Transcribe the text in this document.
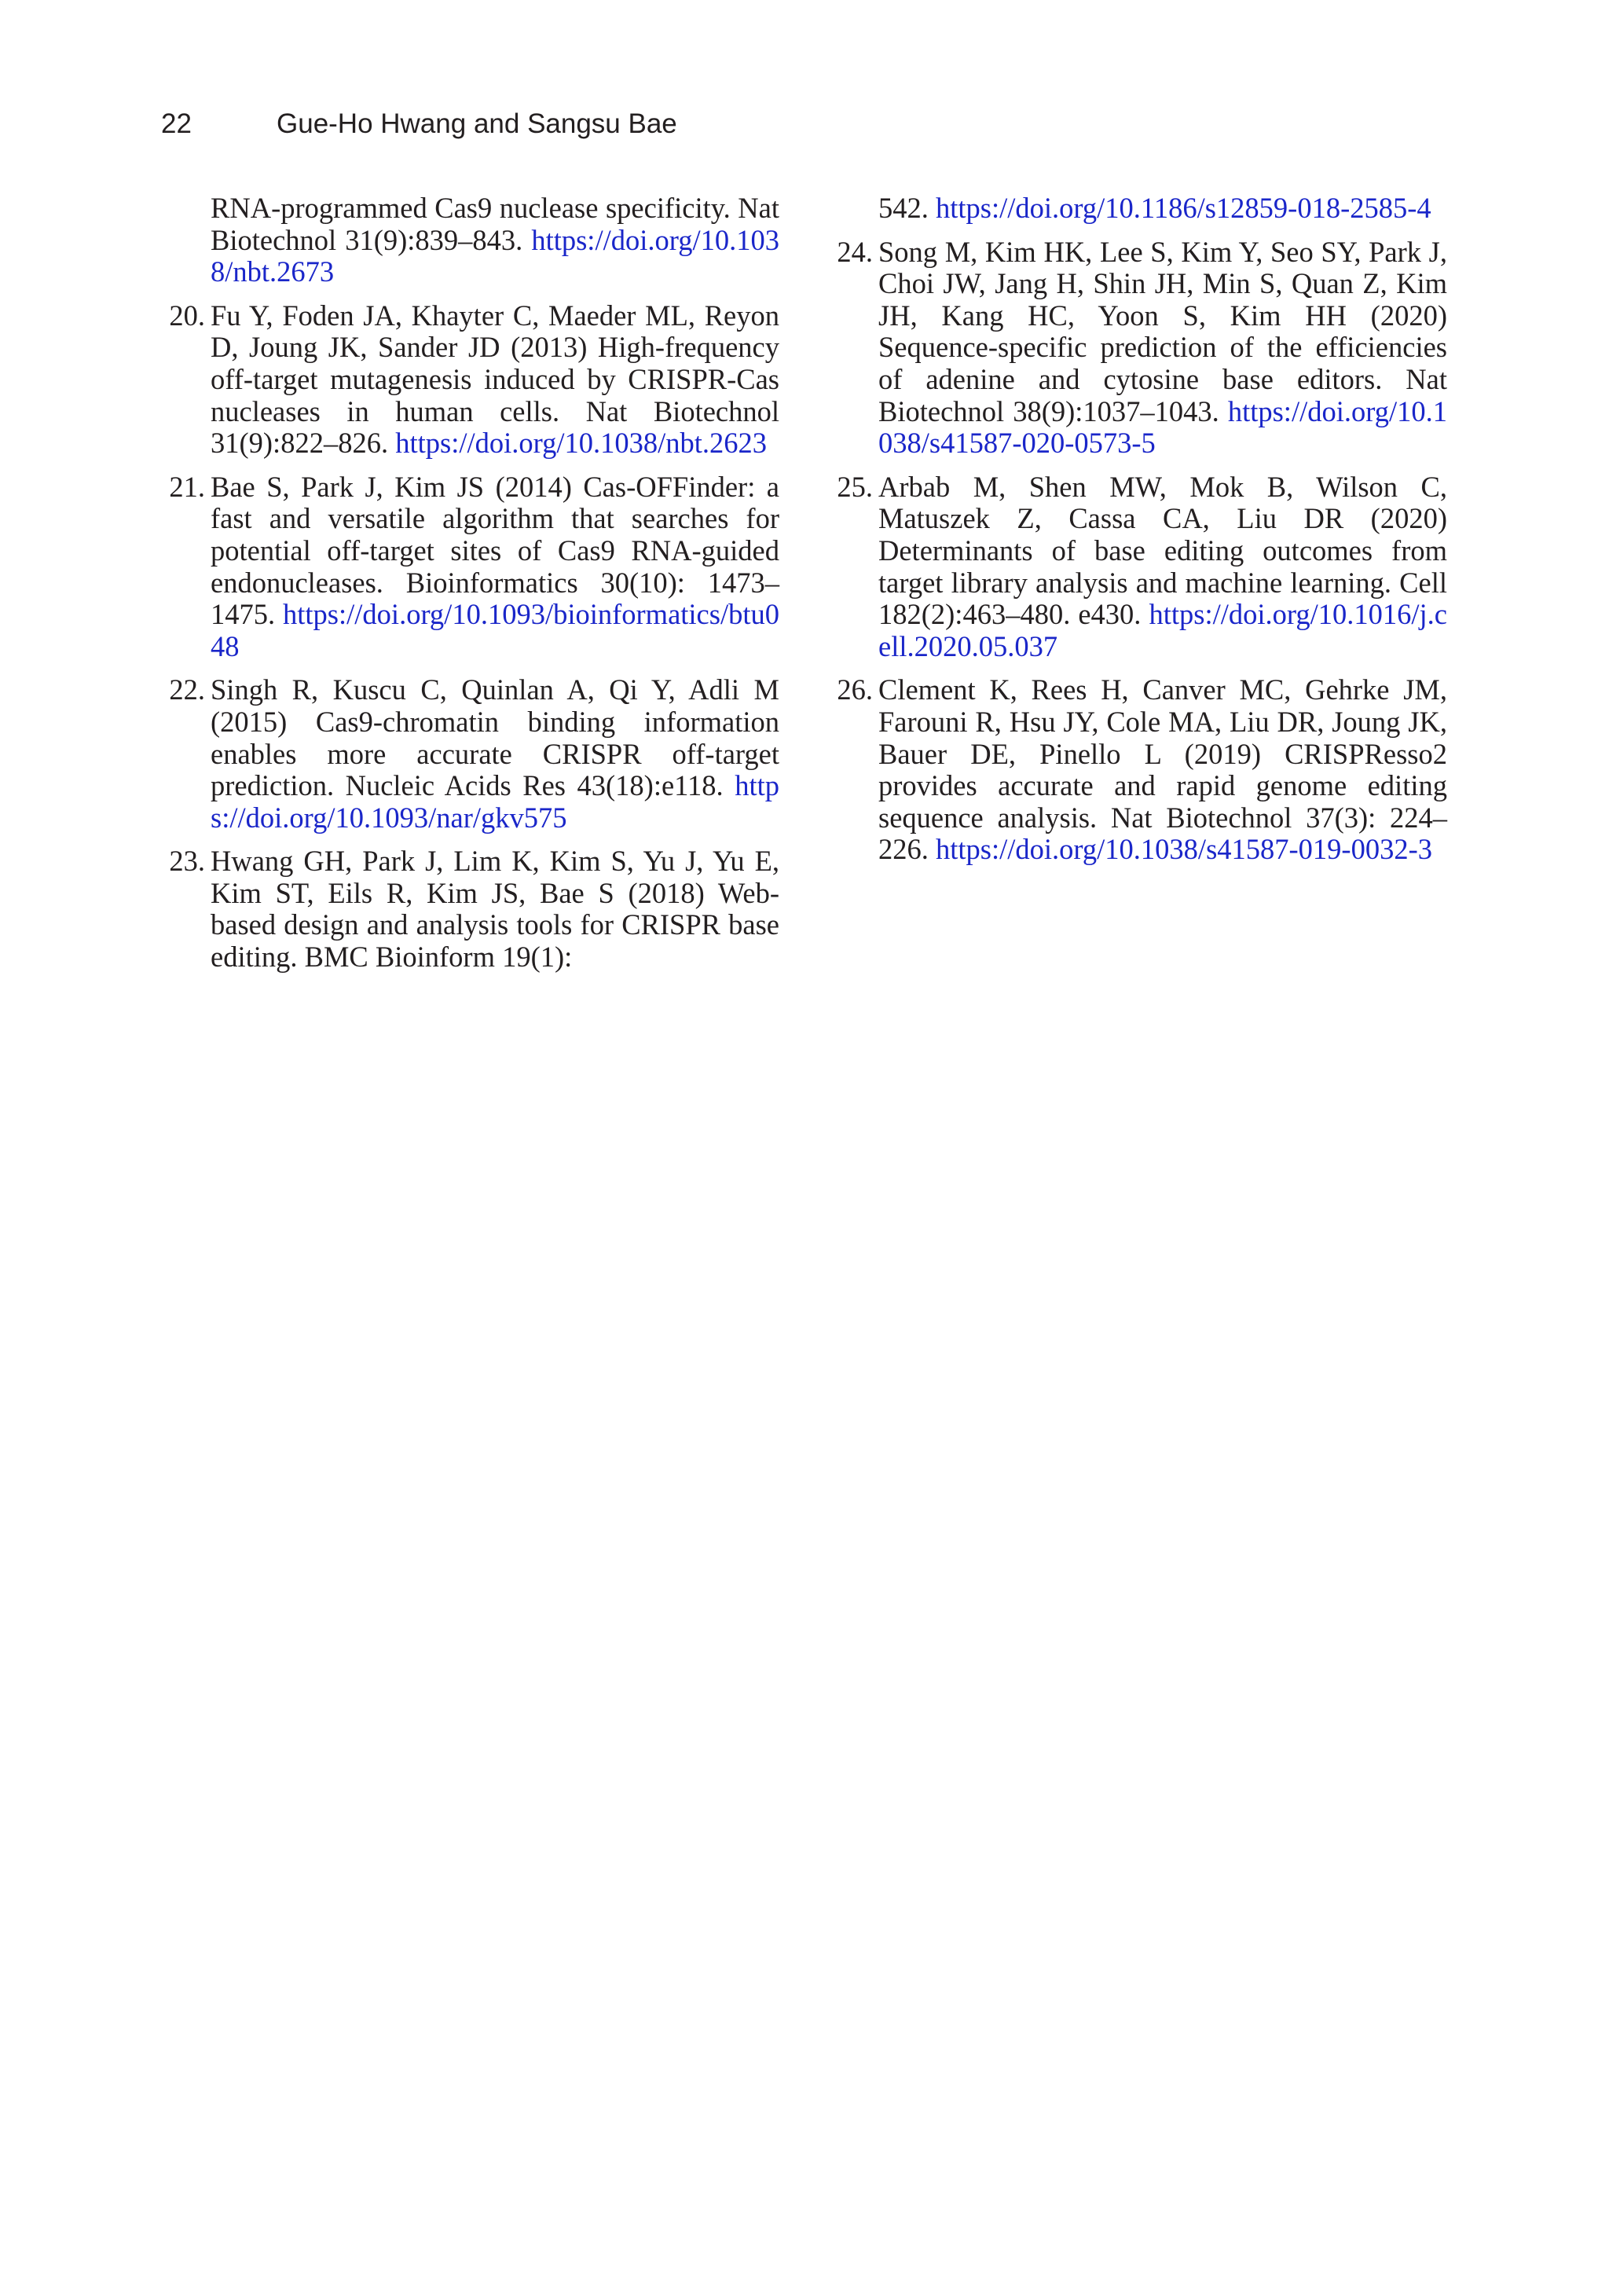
22	Gue-Ho Hwang and Sangsu Bae
RNA-programmed Cas9 nuclease specificity. Nat Biotechnol 31(9):839–843. https://doi.org/10.1038/nbt.2673
20. Fu Y, Foden JA, Khayter C, Maeder ML, Reyon D, Joung JK, Sander JD (2013) High-frequency off-target mutagenesis induced by CRISPR-Cas nucleases in human cells. Nat Biotechnol 31(9):822–826. https://doi.org/10.1038/nbt.2623
21. Bae S, Park J, Kim JS (2014) Cas-OFFinder: a fast and versatile algorithm that searches for potential off-target sites of Cas9 RNA-guided endonucleases. Bioinformatics 30(10): 1473–1475. https://doi.org/10.1093/bioinformatics/btu048
22. Singh R, Kuscu C, Quinlan A, Qi Y, Adli M (2015) Cas9-chromatin binding information enables more accurate CRISPR off-target prediction. Nucleic Acids Res 43(18):e118. https://doi.org/10.1093/nar/gkv575
23. Hwang GH, Park J, Lim K, Kim S, Yu J, Yu E, Kim ST, Eils R, Kim JS, Bae S (2018) Web-based design and analysis tools for CRISPR base editing. BMC Bioinform 19(1):
542. https://doi.org/10.1186/s12859-018-2585-4
24. Song M, Kim HK, Lee S, Kim Y, Seo SY, Park J, Choi JW, Jang H, Shin JH, Min S, Quan Z, Kim JH, Kang HC, Yoon S, Kim HH (2020) Sequence-specific prediction of the efficiencies of adenine and cytosine base editors. Nat Biotechnol 38(9):1037–1043. https://doi.org/10.1038/s41587-020-0573-5
25. Arbab M, Shen MW, Mok B, Wilson C, Matuszek Z, Cassa CA, Liu DR (2020) Determinants of base editing outcomes from target library analysis and machine learning. Cell 182(2):463–480. e430. https://doi.org/10.1016/j.cell.2020.05.037
26. Clement K, Rees H, Canver MC, Gehrke JM, Farouni R, Hsu JY, Cole MA, Liu DR, Joung JK, Bauer DE, Pinello L (2019) CRISPResso2 provides accurate and rapid genome editing sequence analysis. Nat Biotechnol 37(3): 224–226. https://doi.org/10.1038/s41587-019-0032-3
